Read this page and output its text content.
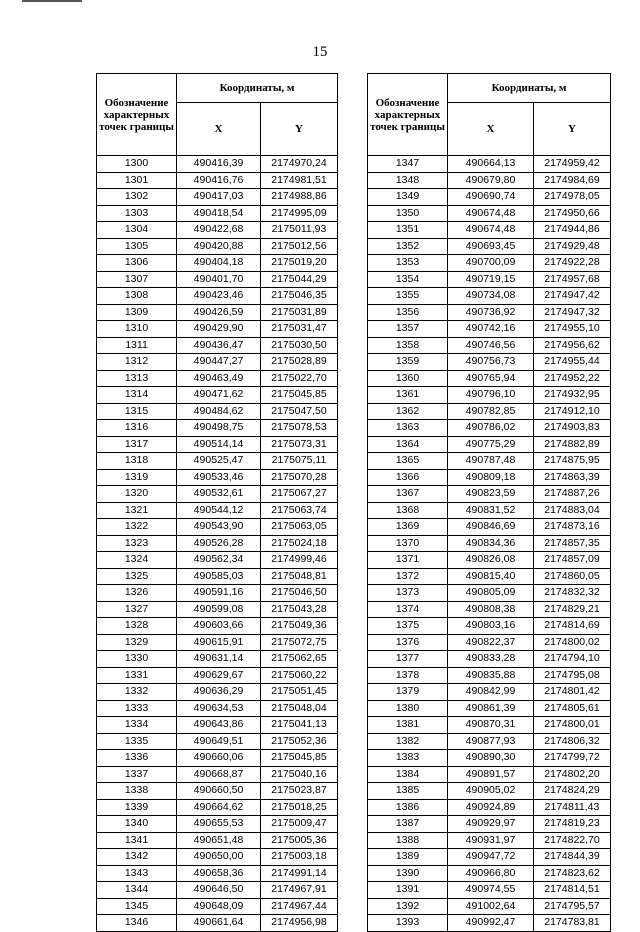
15
Обозначение характерных точек границы	Координаты, м	
	X	Y
1300	490416,39	2174970,24
1301	490416,76	2174981,51
1302	490417,03	2174988,86
1303	490418,54	2174995,09
1304	490422,68	2175011,93
1305	490420,88	2175012,56
1306	490404,18	2175019,20
1307	490401,70	2175044,29
1308	490423,46	2175046,35
1309	490426,59	2175031,89
1310	490429,90	2175031,47
1311	490436,47	2175030,50
1312	490447,27	2175028,89
1313	490463,49	2175022,70
1314	490471,62	2175045,85
1315	490484,62	2175047,50
1316	490498,75	2175078,53
1317	490514,14	2175073,31
1318	490525,47	2175075,11
1319	490533,46	2175070,28
1320	490532,61	2175067,27
1321	490544,12	2175063,74
1322	490543,90	2175063,05
1323	490526,28	2175024,18
1324	490562,34	2174999,46
1325	490585,03	2175048,81
1326	490591,16	2175046,50
1327	490599,08	2175043,28
1328	490603,66	2175049,36
1329	490615,91	2175072,75
1330	490631,14	2175062,65
1331	490629,67	2175060,22
1332	490636,29	2175051,45
1333	490634,53	2175048,04
1334	490643,86	2175041,13
1335	490649,51	2175052,36
1336	490660,06	2175045,85
1337	490668,87	2175040,16
1338	490660,50	2175023,87
1339	490664,62	2175018,25
1340	490655,53	2175009,47
1341	490651,48	2175005,36
1342	490650,00	2175003,18
1343	490658,36	2174991,14
1344	490646,50	2174967,91
1345	490648,09	2174967,44
1346	490661,64	2174956,98
Обозначение характерных точек границы	Координаты, м	
	X	Y
1347	490664,13	2174959,42
1348	490679,80	2174984,69
1349	490690,74	2174978,05
1350	490674,48	2174950,66
1351	490674,48	2174944,86
1352	490693,45	2174929,48
1353	490700,09	2174922,28
1354	490719,15	2174957,68
1355	490734,08	2174947,42
1356	490736,92	2174947,32
1357	490742,16	2174955,10
1358	490746,56	2174956,62
1359	490756,73	2174955,44
1360	490765,94	2174952,22
1361	490796,10	2174932,95
1362	490782,85	2174912,10
1363	490786,02	2174903,83
1364	490775,29	2174882,89
1365	490787,48	2174875,95
1366	490809,18	2174863,39
1367	490823,59	2174887,26
1368	490831,52	2174883,04
1369	490846,69	2174873,16
1370	490834,36	2174857,35
1371	490826,08	2174857,09
1372	490815,40	2174860,05
1373	490805,09	2174832,32
1374	490808,38	2174829,21
1375	490803,16	2174814,69
1376	490822,37	2174800,02
1377	490833,28	2174794,10
1378	490835,88	2174795,08
1379	490842,99	2174801,42
1380	490861,39	2174805,61
1381	490870,31	2174800,01
1382	490877,93	2174806,32
1383	490890,30	2174799,72
1384	490891,57	2174802,20
1385	490905,02	2174824,29
1386	490924,89	2174811,43
1387	490929,97	2174819,23
1388	490931,97	2174822,70
1389	490947,72	2174844,39
1390	490966,80	2174823,62
1391	490974,55	2174814,51
1392	491002,64	2174795,57
1393	490992,47	2174783,81
